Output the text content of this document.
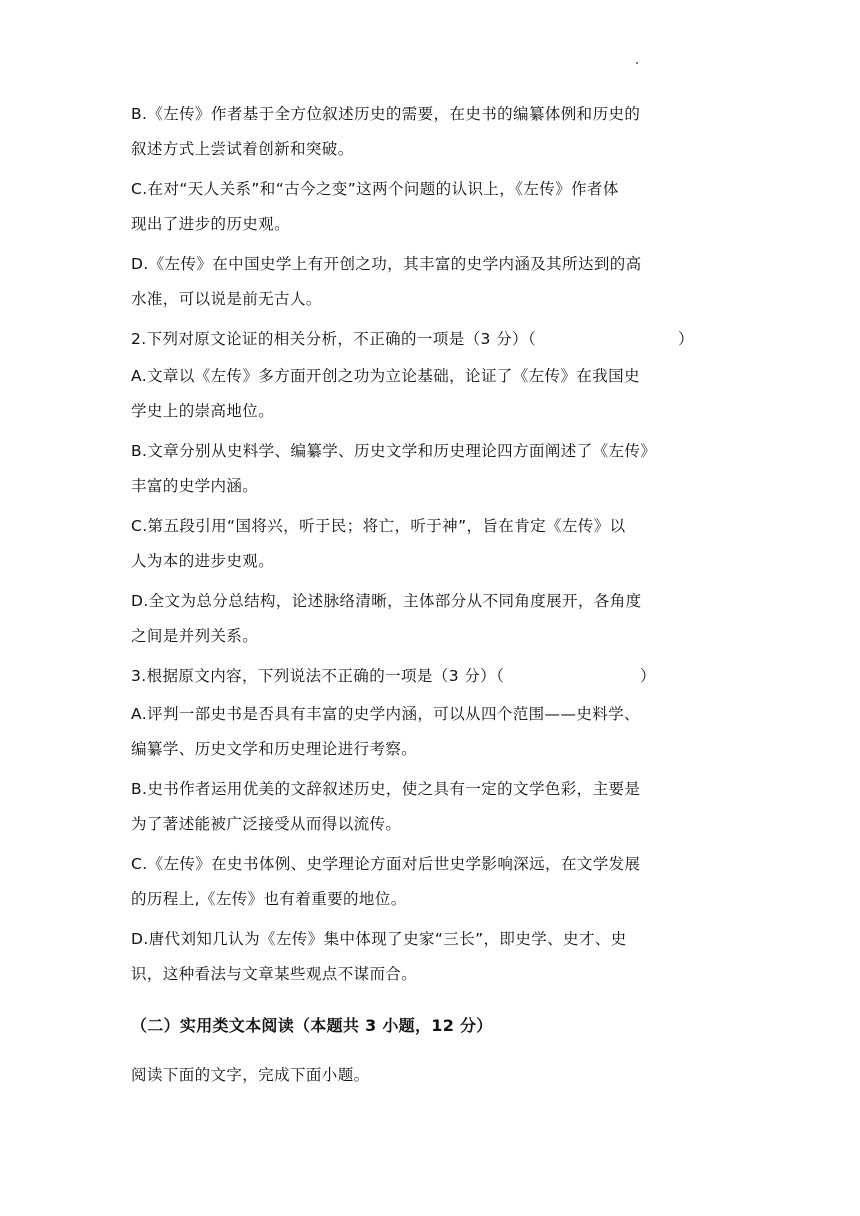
B.《左传》作者基于全方位叙述历史的需要，在史书的编纂体例和历史的
叙述方式上尝试着创新和突破。

C.在对“天人关系”和“古今之变”这两个问题的认识上，《左传》作者体
现出了进步的历史观。

D.《左传》在中国史学上有开创之功，其丰富的史学内涵及其所达到的高
水准，可以说是前无古人。

2.下列对原文论证的相关分析，不正确的一项是（3 分）（	）

A.文章以《左传》多方面开创之功为立论基础，论证了《左传》在我国史
学史上的崇高地位。

B.文章分别从史料学、编纂学、历史文学和历史理论四方面阐述了《左传》
丰富的史学内涵。

C.第五段引用“国将兴，听于民；将亡，听于神”，旨在肯定《左传》以
人为本的进步史观。

D.全文为总分总结构，论述脉络清晰，主体部分从不同角度展开，各角度
之间是并列关系。

3.根据原文内容，下列说法不正确的一项是（3 分）（	）

A.评判一部史书是否具有丰富的史学内涵，可以从四个范围——史料学、
编纂学、历史文学和历史理论进行考察。

B.史书作者运用优美的文辞叙述历史，使之具有一定的文学色彩，主要是
为了著述能被广泛接受从而得以流传。

C.《左传》在史书体例、史学理论方面对后世史学影响深远，在文学发展
的历程上,《左传》也有着重要的地位。

D.唐代刘知几认为《左传》集中体现了史家“三长”，即史学、史才、史
识，这种看法与文章某些观点不谋而合。

（二）实用类文本阅读（本题共 3 小题，12 分）
阅读下面的文字，完成下面小题。
